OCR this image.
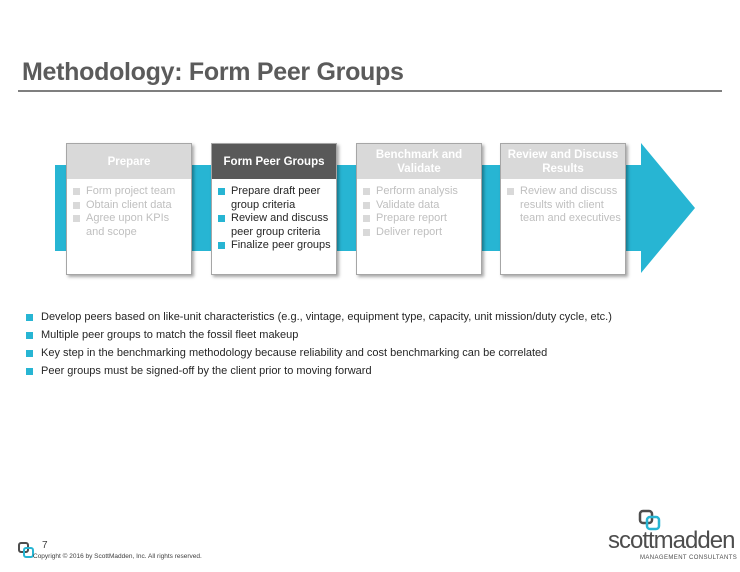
Methodology: Form Peer Groups
Prepare
Form project team
Obtain client data
Agree upon KPIs and scope
Form Peer Groups
Prepare draft peer group criteria
Review and discuss peer group criteria
Finalize peer groups
Benchmark and Validate
Perform analysis
Validate data
Prepare report
Deliver report
Review and Discuss Results
Review and discuss results with client team and executives
Develop peers based on like-unit characteristics (e.g., vintage, equipment type, capacity, unit mission/duty cycle, etc.)
Multiple peer groups to match the fossil fleet makeup
Key step in the benchmarking methodology because reliability and cost benchmarking can be correlated
Peer groups must be signed-off by the client prior to moving forward
7
Copyright © 2016 by ScottMadden, Inc. All rights reserved.
scottmadden
MANAGEMENT CONSULTANTS
